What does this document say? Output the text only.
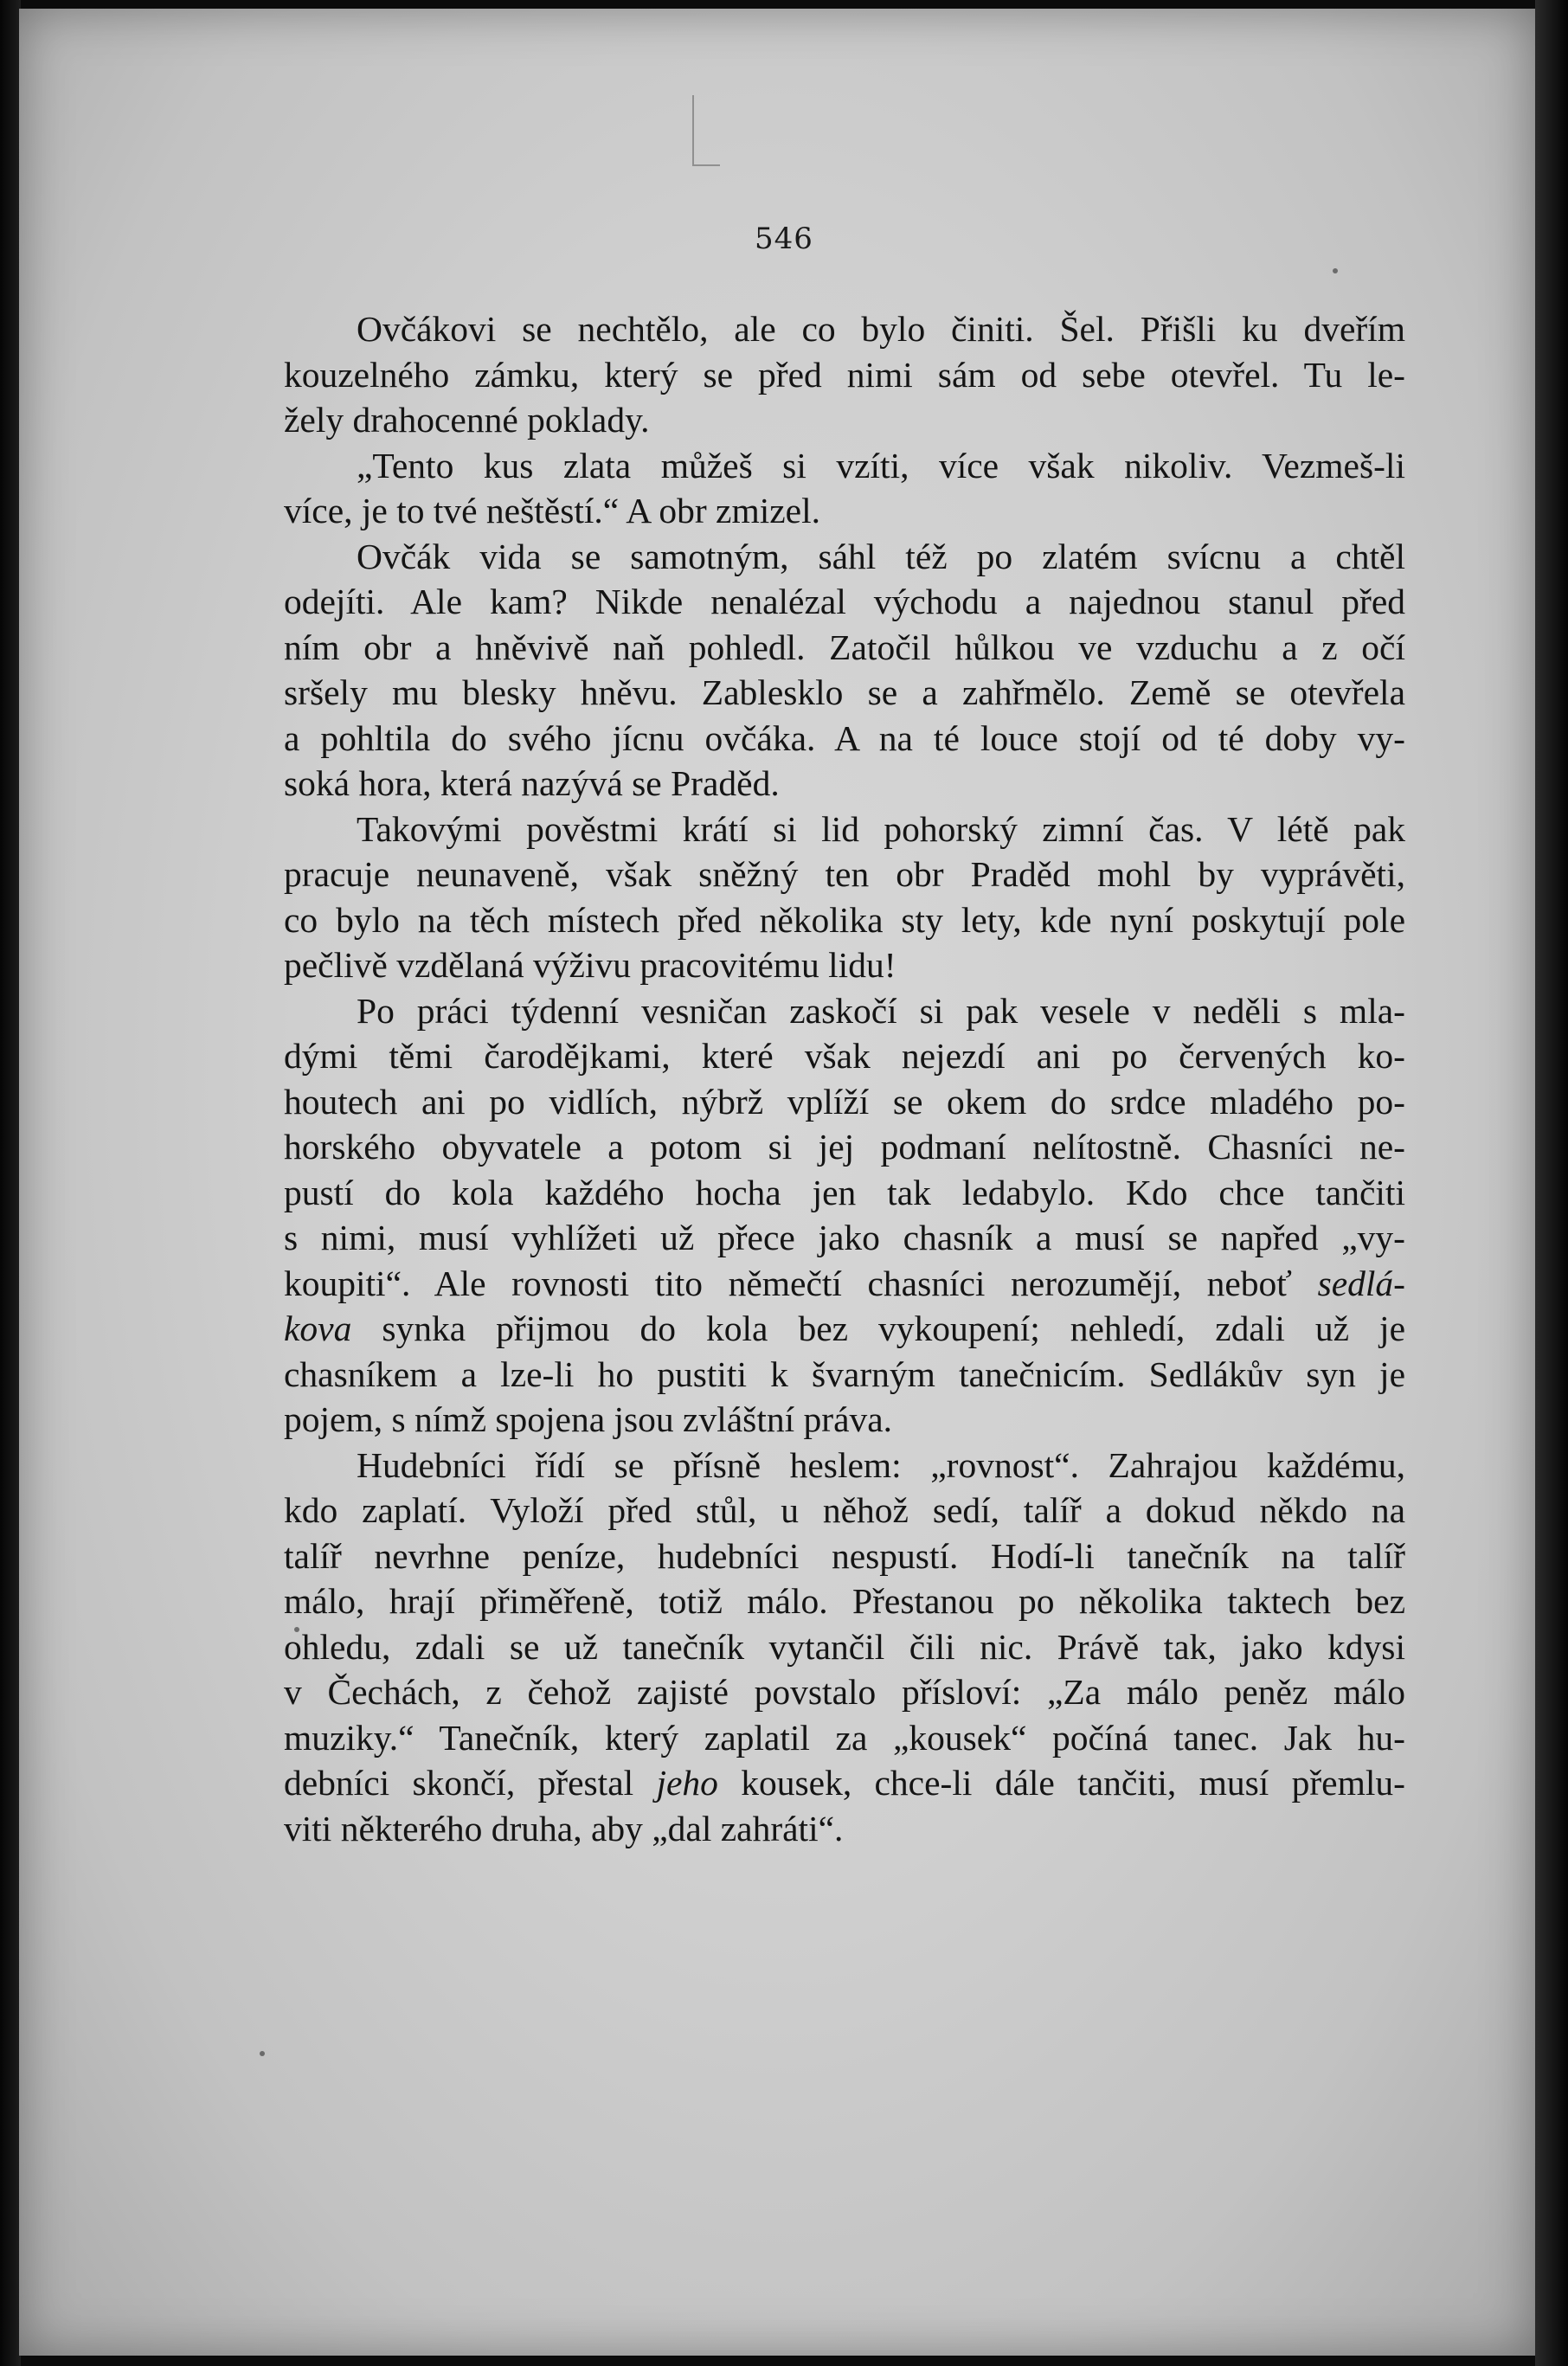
546
Ovčákovi se nechtělo, ale co bylo činiti. Šel. Přišli ku dveřím
kouzelného zámku, který se před nimi sám od sebe otevřel. Tu le-
žely drahocenné poklady.
„Tento kus zlata můžeš si vzíti, více však nikoliv. Vezmeš-li
více, je to tvé neštěstí.“ A obr zmizel.
Ovčák vida se samotným, sáhl též po zlatém svícnu a chtěl
odejíti. Ale kam? Nikde nenalézal východu a najednou stanul před
ním obr a hněvivě naň pohledl. Zatočil hůlkou ve vzduchu a z očí
sršely mu blesky hněvu. Zablesklo se a zahřmělo. Země se otevřela
a pohltila do svého jícnu ovčáka. A na té louce stojí od té doby vy-
soká hora, která nazývá se Praděd.
Takovými pověstmi krátí si lid pohorský zimní čas. V létě pak
pracuje neunaveně, však sněžný ten obr Praděd mohl by vyprávěti,
co bylo na těch místech před několika sty lety, kde nyní poskytují pole
pečlivě vzdělaná výživu pracovitému lidu!
Po práci týdenní vesničan zaskočí si pak vesele v neděli s mla-
dými těmi čarodějkami, které však nejezdí ani po červených ko-
houtech ani po vidlích, nýbrž vplíží se okem do srdce mladého po-
horského obyvatele a potom si jej podmaní nelítostně. Chasníci ne-
pustí do kola každého hocha jen tak ledabylo. Kdo chce tančiti
s nimi, musí vyhlížeti už přece jako chasník a musí se napřed „vy-
koupiti“. Ale rovnosti tito němečtí chasníci nerozumějí, neboť sedlá-
kova synka přijmou do kola bez vykoupení; nehledí, zdali už je
chasníkem a lze-li ho pustiti k švarným tanečnicím. Sedlákův syn je
pojem, s nímž spojena jsou zvláštní práva.
Hudebníci řídí se přísně heslem: „rovnost“. Zahrajou každému,
kdo zaplatí. Vyloží před stůl, u něhož sedí, talíř a dokud někdo na
talíř nevrhne peníze, hudebníci nespustí. Hodí-li tanečník na talíř
málo, hrají přiměřeně, totiž málo. Přestanou po několika taktech bez
ohledu, zdali se už tanečník vytančil čili nic. Právě tak, jako kdysi
v Čechách, z čehož zajisté povstalo přísloví: „Za málo peněz málo
muziky.“ Tanečník, který zaplatil za „kousek“ počíná tanec. Jak hu-
debníci skončí, přestal jeho kousek, chce-li dále tančiti, musí přemlu-
viti některého druha, aby „dal zahráti“.
